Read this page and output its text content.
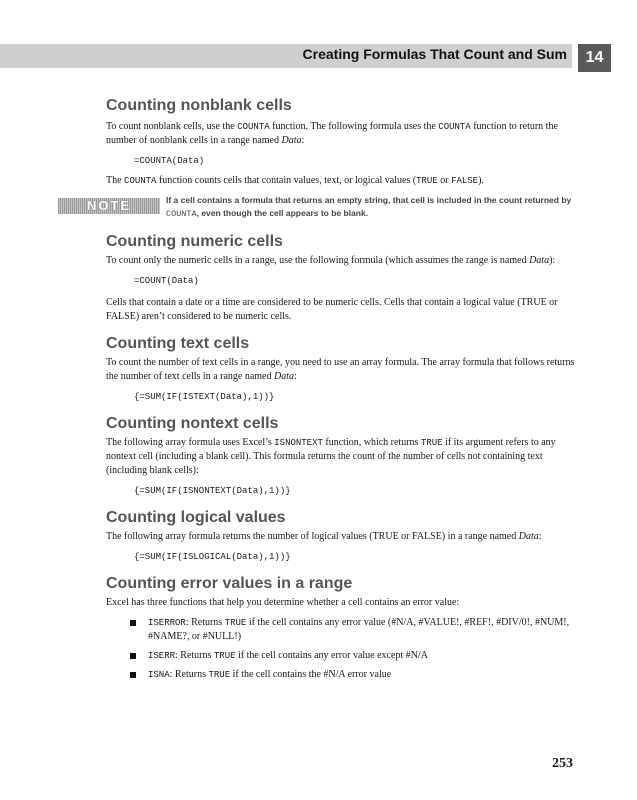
Creating Formulas That Count and Sum	14
Counting nonblank cells

To count nonblank cells, use the COUNTA function. The following formula uses the COUNTA function to return the number of nonblank cells in a range named Data:

=COUNTA(Data)

The COUNTA function counts cells that contain values, text, or logical values (TRUE or FALSE).

NOTE	If a cell contains a formula that returns an empty string, that cell is included in the count returned by COUNTA, even though the cell appears to be blank.
Counting numeric cells

To count only the numeric cells in a range, use the following formula (which assumes the range is named Data):

=COUNT(Data)

Cells that contain a date or a time are considered to be numeric cells. Cells that contain a logical value (TRUE or FALSE) aren’t considered to be numeric cells.

Counting text cells

To count the number of text cells in a range, you need to use an array formula. The array formula that follows returns the number of text cells in a range named Data:

{=SUM(IF(ISTEXT(Data),1))}
Counting nontext cells

The following array formula uses Excel’s ISNONTEXT function, which returns TRUE if its argument refers to any nontext cell (including a blank cell). This formula returns the count of the number of cells not containing text (including blank cells):

{=SUM(IF(ISNONTEXT(Data),1))}
Counting logical values

The following array formula returns the number of logical values (TRUE or FALSE) in a range named Data:

{=SUM(IF(ISLOGICAL(Data),1))}
Counting error values in a range

Excel has three functions that help you determine whether a cell contains an error value:

ISERROR: Returns TRUE if the cell contains any error value (#N/A, #VALUE!, #REF!, #DIV/0!, #NUM!, #NAME?, or #NULL!)
ISERR: Returns TRUE if the cell contains any error value except #N/A
ISNA: Returns TRUE if the cell contains the #N/A error value
253
